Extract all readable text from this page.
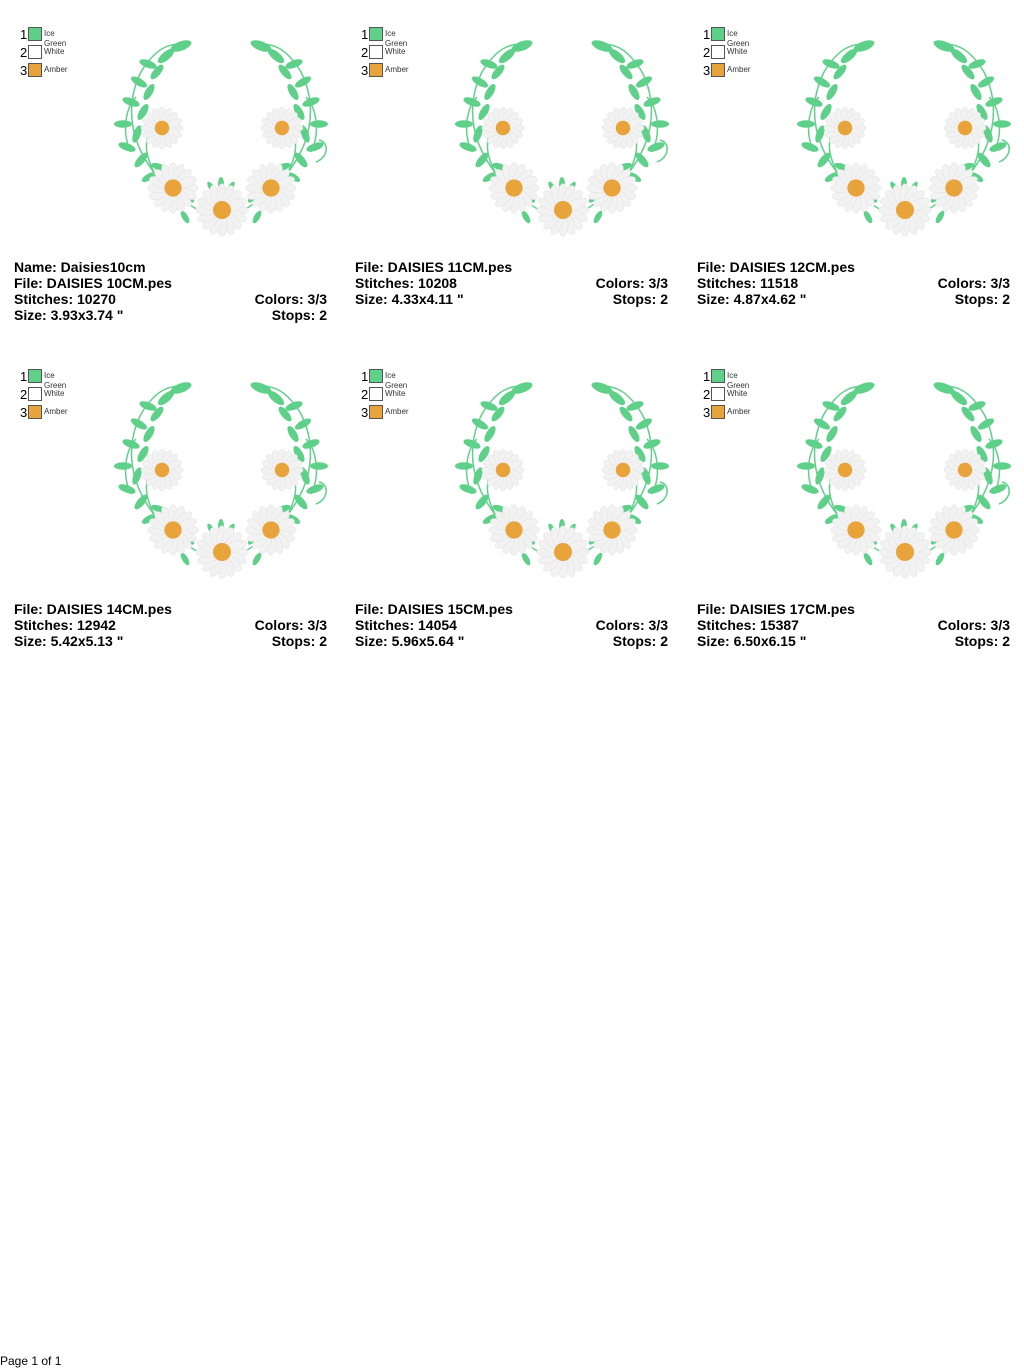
1 Ice Green
2 White
3 Amber
Name: Daisies10cm
File: DAISIES 10CM.pes
Stitches: 10270	Colors: 3/3
Size: 3.93x3.74 "	Stops: 2
1 Ice Green
2 White
3 Amber
File: DAISIES 11CM.pes
Stitches: 10208	Colors: 3/3
Size: 4.33x4.11 "	Stops: 2
1 Ice Green
2 White
3 Amber
File: DAISIES 12CM.pes
Stitches: 11518	Colors: 3/3
Size: 4.87x4.62 "	Stops: 2
1 Ice Green
2 White
3 Amber
File: DAISIES 14CM.pes
Stitches: 12942	Colors: 3/3
Size: 5.42x5.13 "	Stops: 2
1 Ice Green
2 White
3 Amber
File: DAISIES 15CM.pes
Stitches: 14054	Colors: 3/3
Size: 5.96x5.64 "	Stops: 2
1 Ice Green
2 White
3 Amber
File: DAISIES 17CM.pes
Stitches: 15387	Colors: 3/3
Size: 6.50x6.15 "	Stops: 2
Page 1 of 1
